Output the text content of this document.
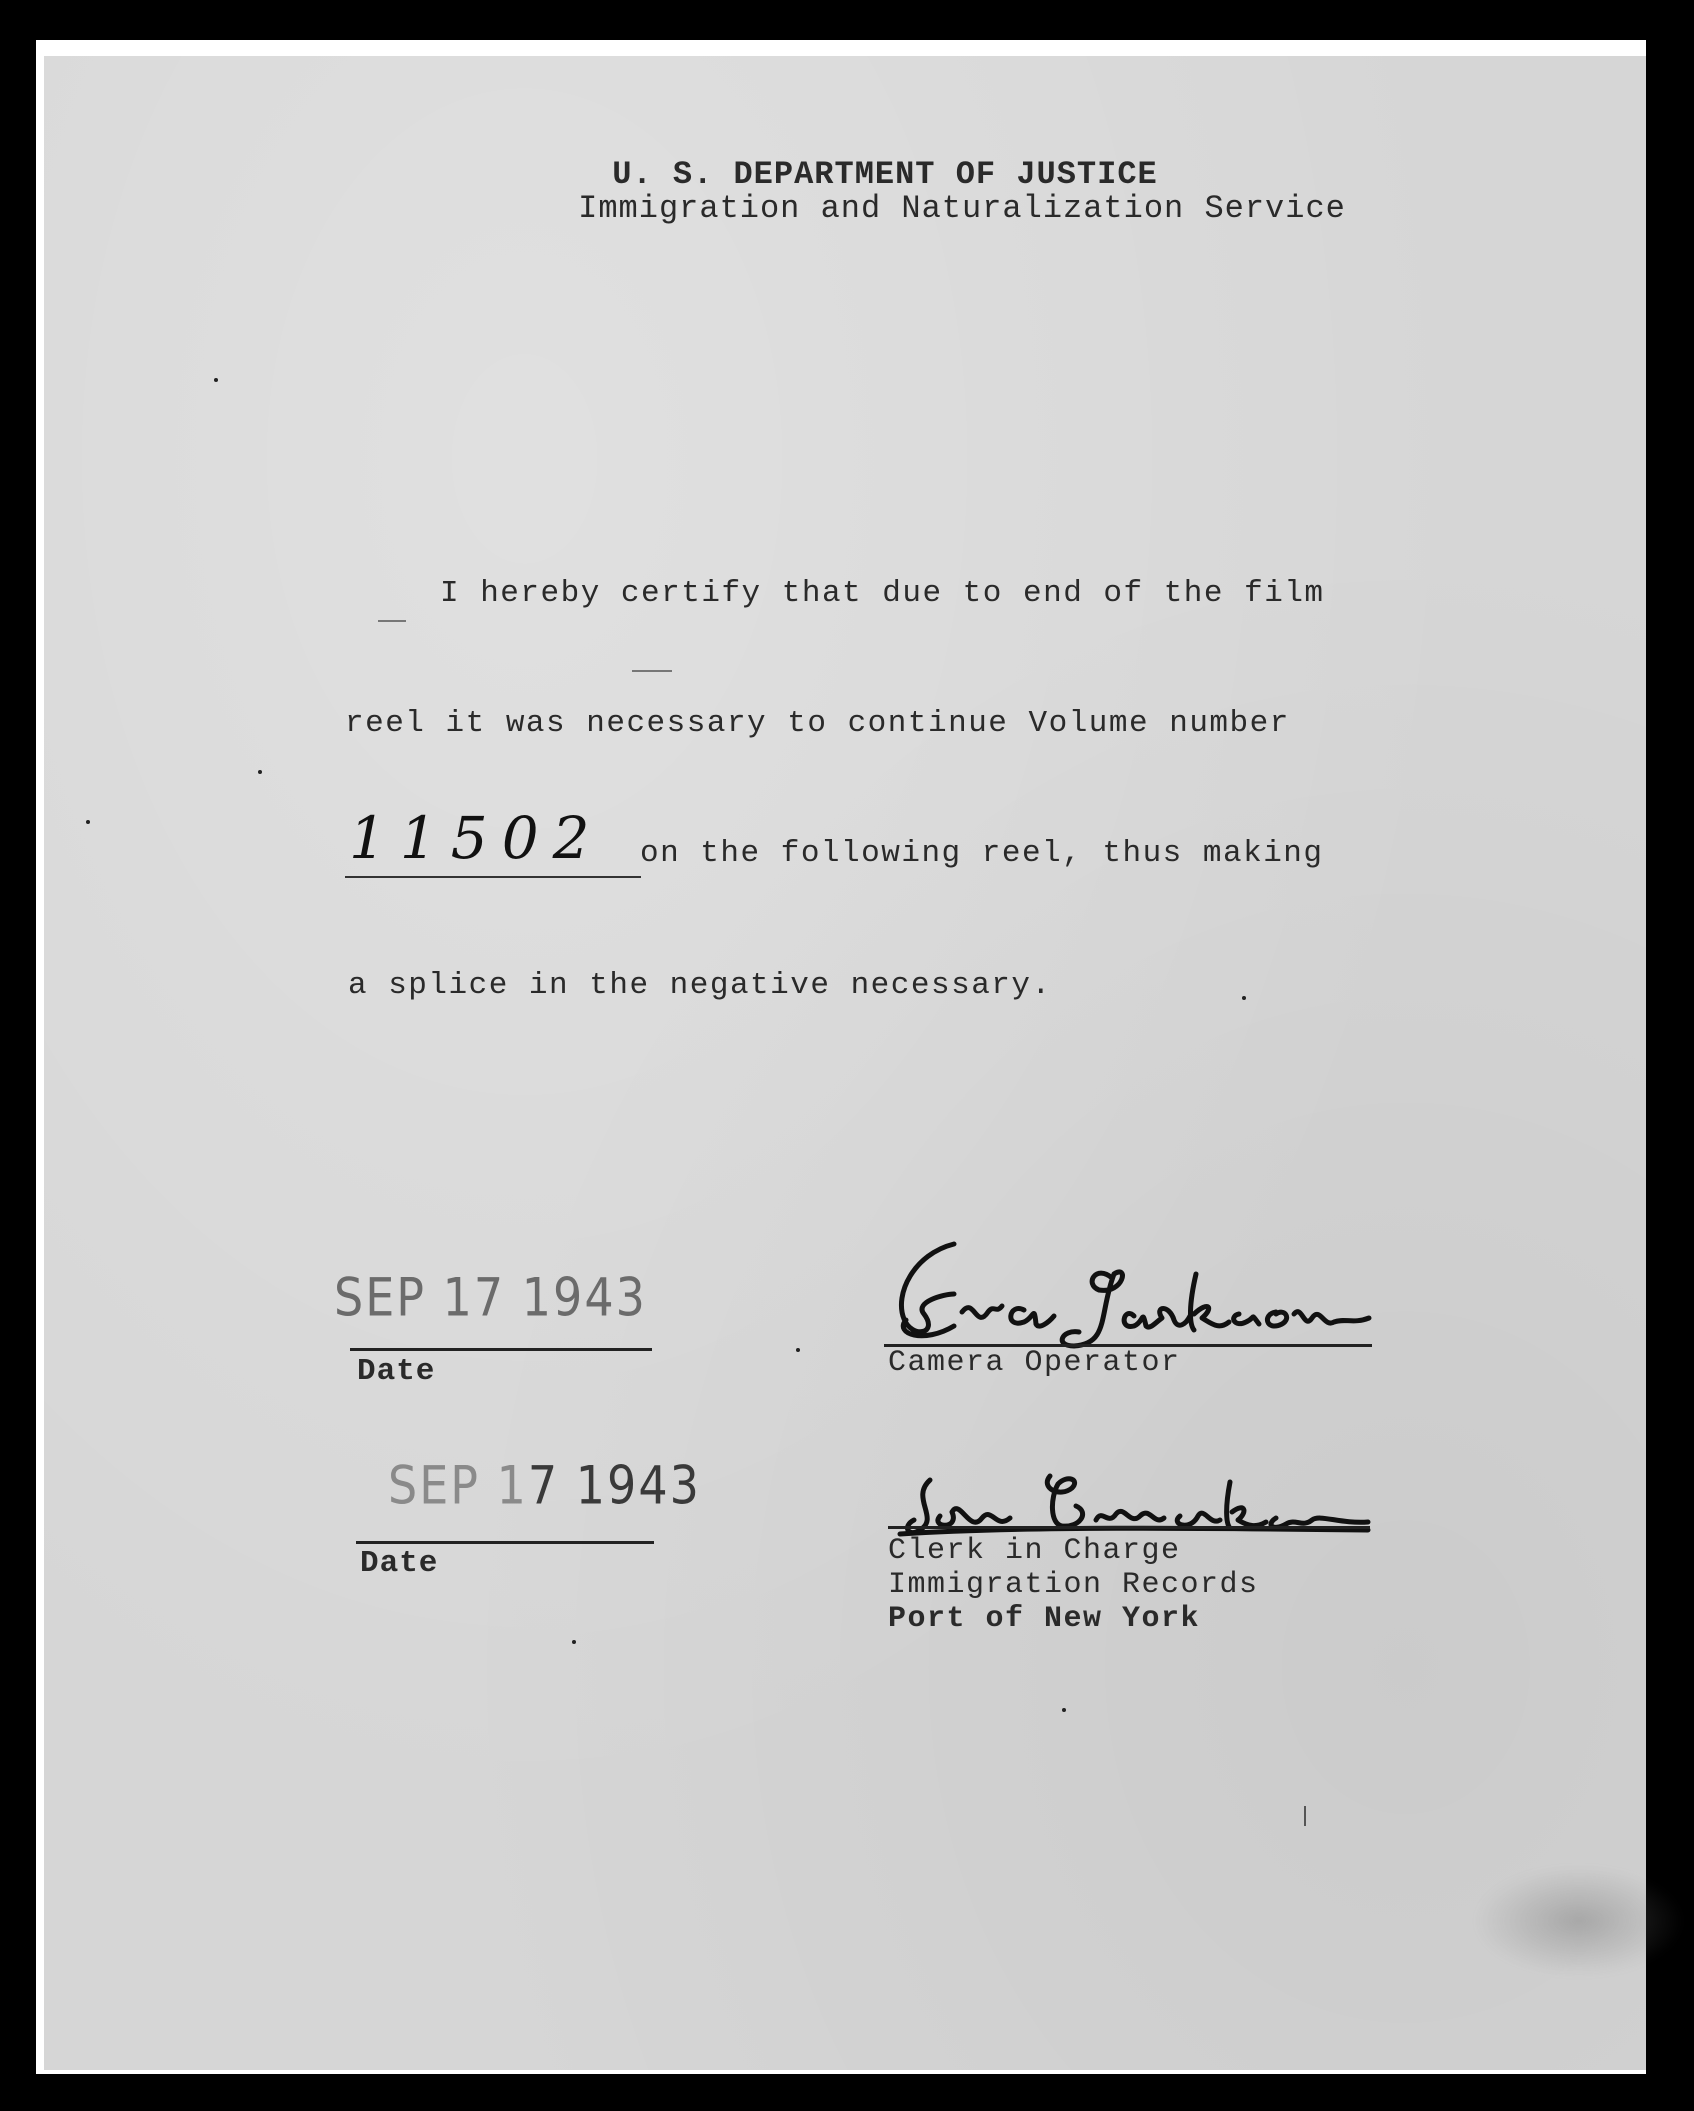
U. S. DEPARTMENT OF JUSTICE
Immigration and Naturalization Service
I hereby certify that due to end of the film
reel it was necessary to continue Volume number
11502 on the following reel, thus making
a splice in the negative necessary.
SEP 17 1943
Date
SEP 17 1943
Date
Camera Operator
Clerk in Charge
Immigration Records
Port of New York
